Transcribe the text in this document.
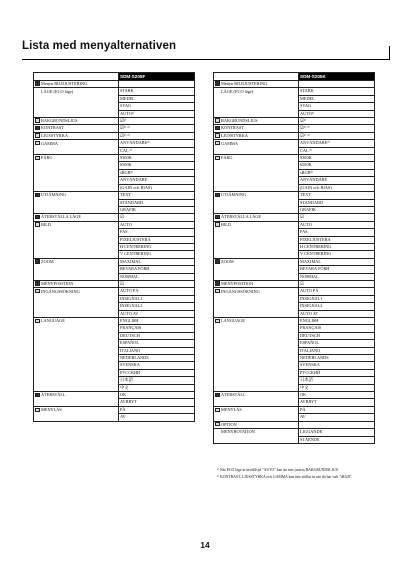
Lista med menyalternativen
	SDM-S205F
Menyn BILDJUSTERING	
LÄGE (ECO läge)	STARK
	MEDEL
	SVAG
	AUTO¹⁾
BAKGRUNDSLJUS	☑¹⁾
KONTRAST	☑¹⁾ ²⁾
LJUSSTYRKA	☑¹⁾ ²⁾
GAMMA	ANVÄNDARE²⁾
	CAL ²⁾
FÄRG	9300K
	6500K
	sRGB²⁾
	ANVÄNDARE
	(GAIN och BIAS)
UTJÄMNING	TEXT
	STANDARD
	GRAFIK
ÅTERSTÄLLA LÄGE	☑
BILD	AUTO
	FAS
	PIXELJUSTERA
	H CENTRERING
	V CENTRERING
ZOOM	MAXIMAL
	BEVARA FÖRH
	NORMAL
MENYPOSITION	☑
INGÅNGSSÖKNING	AUTO PÅ
	INSIGNAL1
	INSIGNAL2
	AUTO AV
LANGUAGE	ENGLISH
	FRANÇAIS
	DEUTSCH
	ESPAÑOL
	ITALIANO
	NEDERLANDS
	SVENSKA
	РУССКИЙ
	日本語
	中文
ÅTERSTÄLL	OK
	AVBRYT
MENYLÅS	PÅ
	AV
	SDM-S205K
Menyn BILDJUSTERING	
LÄGE (ECO läge)	STARK
	MEDEL
	SVAG
	AUTO¹⁾
BAKGRUNDSLJUS	☑¹⁾
KONTRAST	☑¹⁾ ²⁾
LJUSSTYRKA	☑¹⁾ ²⁾
GAMMA	ANVÄNDARE²⁾
	CAL ²⁾
FÄRG	9300K
	6500K
	sRGB²⁾
	ANVÄNDARE
	(GAIN och BIAS)
UTJÄMNING	TEXT
	STANDARD
	GRAFIK
ÅTERSTÄLLA LÄGE	☑
BILD	AUTO
	FAS
	PIXELJUSTERA
	H CENTRERING
	V CENTRERING
ZOOM	MAXIMAL
	BEVARA FÖRH
	NORMAL
MENYPOSITION	☑
INGÅNGSSÖKNING	AUTO PÅ
	INSIGNAL1
	INSIGNAL2
	AUTO AV
LANGUAGE	ENGLISH
	FRANÇAIS
	DEUTSCH
	ESPAÑOL
	ITALIANO
	NEDERLANDS
	SVENSKA
	РУССКИЙ
	日本語
	中文
ÅTERSTÄLL	OK
	AVBRYT
MENYLÅS	PÅ
	AV
OPTION	
MENYROTATION	LIGGANDE
	STÅENDE

¹⁾ När ECO läge är inställt på "AUTO" kan du inte justera BAKGRUNDSLJUS.

²⁾ KONTRAST, LJUSSTYRKA och GAMMA kan inte ställas in när du har valt "sRGB".

14
